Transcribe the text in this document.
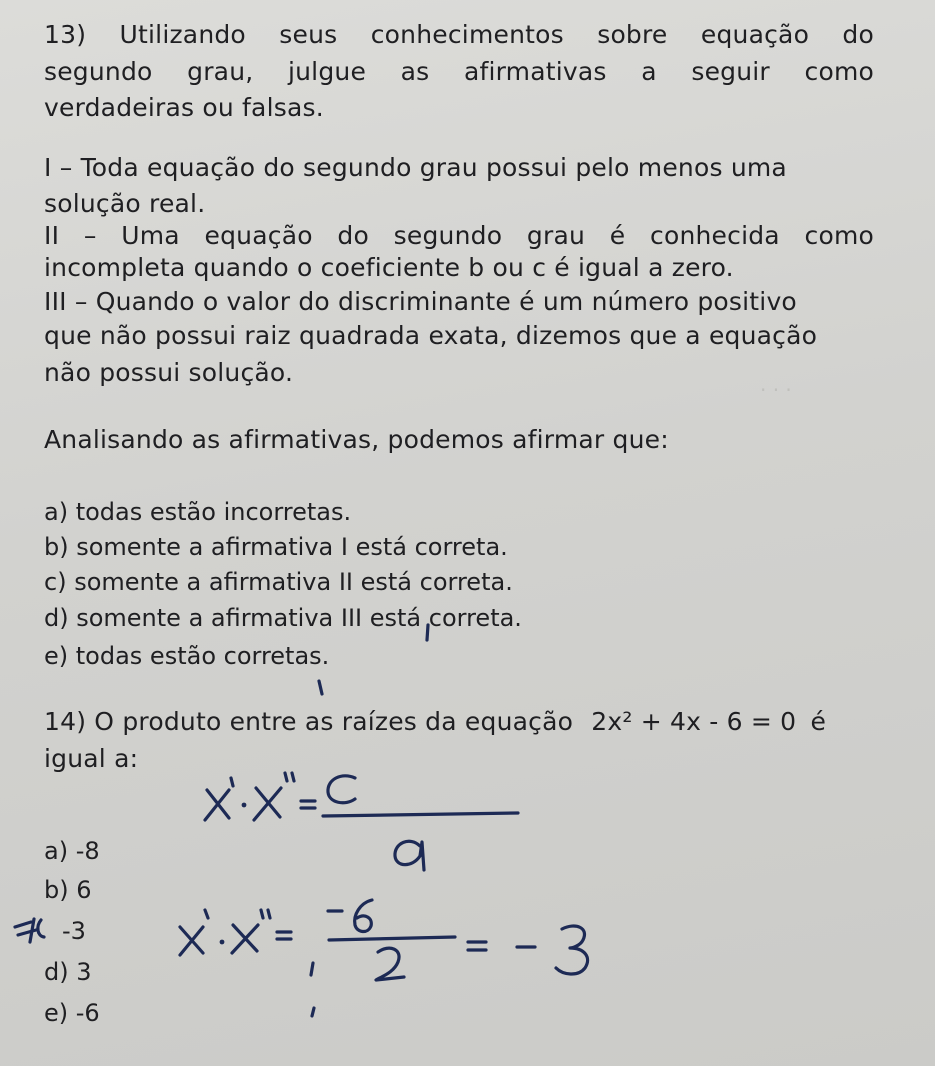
. . .
13) Utilizando seus conhecimentos sobre equação do
segundo grau, julgue as afirmativas a seguir como
verdadeiras ou falsas.
I – Toda equação do segundo grau possui pelo menos uma
solução real.
II – Uma equação do segundo grau é conhecida como
incompleta quando o coeficiente b ou c é igual a zero.
III – Quando o valor do discriminante é um número positivo
que não possui raiz quadrada exata, dizemos que a equação
não possui solução.
Analisando as afirmativas, podemos afirmar que:
a) todas estão incorretas.
b) somente a afirmativa I está correta.
c) somente a afirmativa II está correta.
d) somente a afirmativa III está correta.
e) todas estão corretas.
14) O produto entre as raízes da equação 2x² + 4x - 6 = 0 é
igual a:
a) -8
b) 6
-3
d) 3
e) -6
